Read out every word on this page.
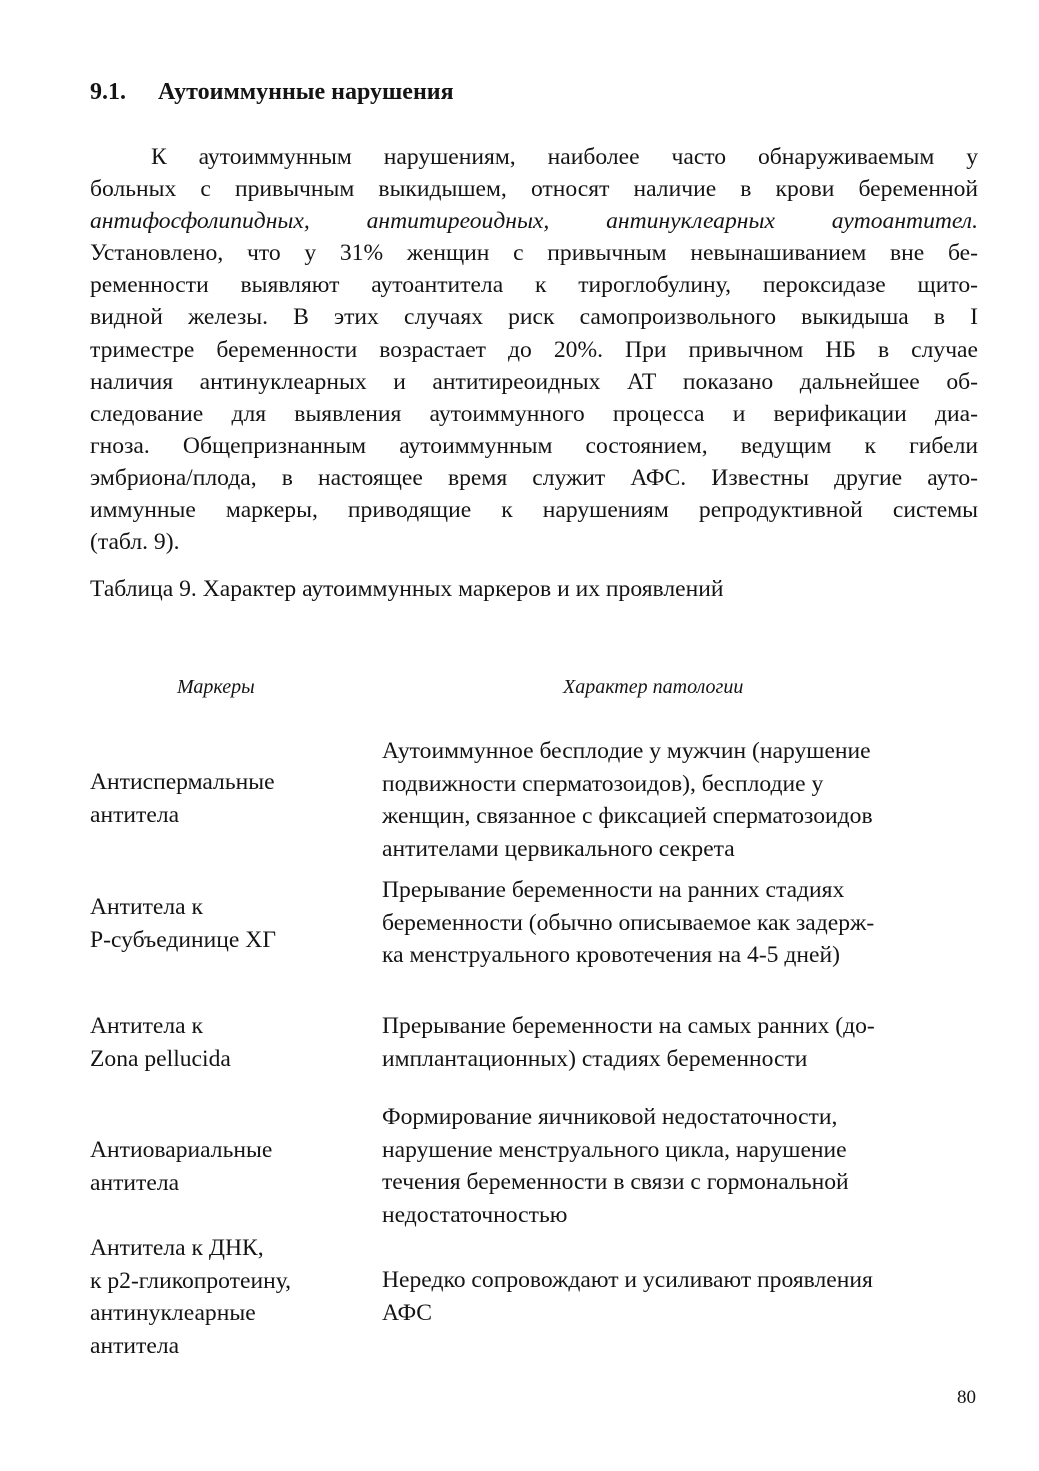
9.1. Аутоиммунные нарушения
К аутоиммунным нарушениям, наиболее часто обнаруживаемым у
больных с привычным выкидышем, относят наличие в крови беременной
антифосфолипидных, антитиреоидных, антинуклеарных аутоантител.
Установлено, что у 31% женщин с привычным невынашиванием вне бе-
ременности выявляют аутоантитела к тироглобулину, пероксидазе щито-
видной железы. В этих случаях риск самопроизвольного выкидыша в I
триместре беременности возрастает до 20%. При привычном НБ в случае
наличия антинуклеарных и антитиреоидных АТ показано дальнейшее об-
следование для выявления аутоиммунного процесса и верификации диа-
гноза. Общепризнанным аутоиммунным состоянием, ведущим к гибели
эмбриона/плода, в настоящее время служит АФС. Известны другие ауто-
иммунные маркеры, приводящие к нарушениям репродуктивной системы
(табл. 9).
Таблица 9. Характер аутоиммунных маркеров и их проявлений
Маркеры	Характер патологии
Антиспермальные
антитела
Аутоиммунное бесплодие у мужчин (нарушение
подвижности сперматозоидов), бесплодие у
женщин, связанное с фиксацией сперматозоидов
антителами цервикального секрета
Антитела к
Р-субъединице ХГ
Прерывание беременности на ранних стадиях
беременности (обычно описываемое как задерж-
ка менструального кровотечения на 4-5 дней)
Антитела к
Zona pellucida
Прерывание беременности на самых ранних (до-
имплантационных) стадиях беременности
Антиовариальные
антитела
Формирование яичниковой недостаточности,
нарушение менструального цикла, нарушение
течения беременности в связи с гормональной
недостаточностью
Антитела к ДНК,
к р2-гликопротеину,
антинуклеарные
антитела
Нередко сопровождают и усиливают проявления
АФС
80
